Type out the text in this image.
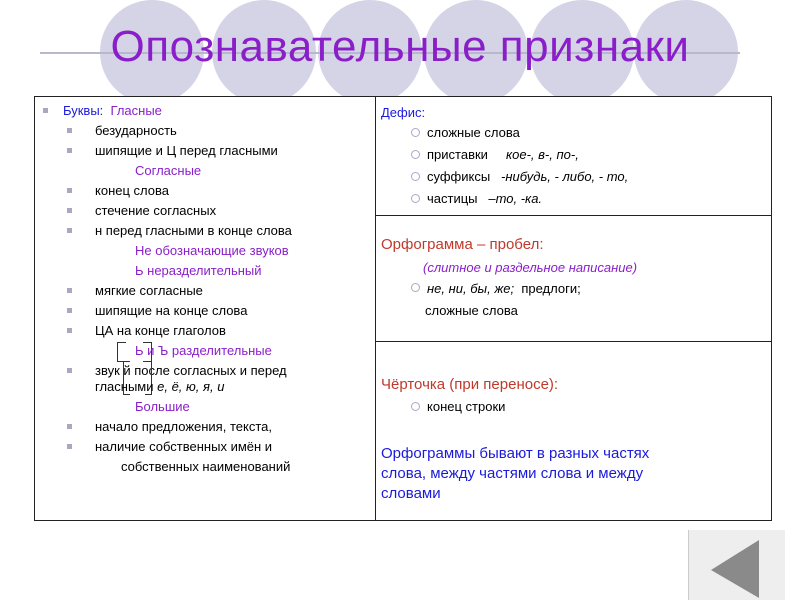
Опознавательные признаки
Буквы: Гласные
безударность
шипящие и Ц перед гласными
Согласные
конец слова
стечение согласных
н перед гласными в конце слова
Не обозначающие звуков
Ь неразделительный
мягкие согласные
шипящие на конце слова
ЦА на конце глаголов
Ь и Ъ разделительные
звук й после согласных и перед
гласными е, ё, ю, я, и
Большие
начало предложения, текста,
наличие собственных имён и
собственных наименований
Дефис:
сложные слова
приставки кое-, в-, по-,
суффиксы -нибудь, - либо, - то,
частицы –то, -ка.
Орфограмма – пробел:
(слитное и раздельное написание)
не, ни, бы, же; предлоги;
сложные слова
Чёрточка (при переносе):
конец строки
Орфограммы бывают в разных частях
слова, между частями слова и между
словами
